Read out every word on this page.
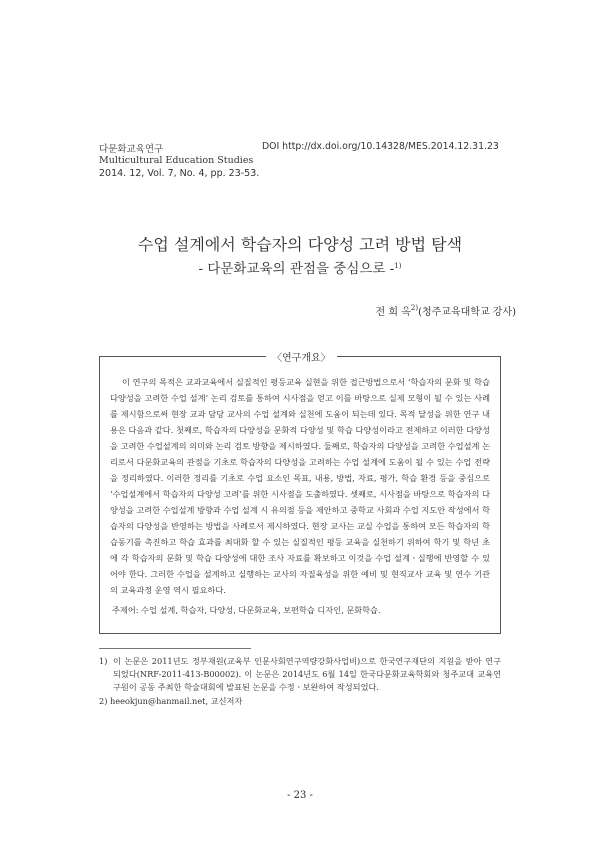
다문화교육연구
Multicultural Education Studies
2014. 12, Vol. 7, No. 4, pp. 23-53.
DOI http://dx.doi.org/10.14328/MES.2014.12.31.23
수업 설계에서 학습자의 다양성 고려 방법 탐색
- 다문화교육의 관점을 중심으로 -$^{1)}$
전 희 옥$^{2)}$(청주교육대학교 강사)
〈연구개요〉
이 연구의 목적은 교과교육에서 실질적인 평등교육 실현을 위한 접근방법으로서 ‘학습자의 문화 및 학습 다양성을 고려한 수업 설계’ 논리 검토를 통하여 시사점을 얻고 이를 바탕으로 실제 모형이 될 수 있는 사례를 제시함으로써 현장 교과 담당 교사의 수업 설계와 실천에 도움이 되는데 있다. 목적 달성을 위한 연구 내용은 다음과 같다. 첫째로, 학습자의 다양성을 문화적 다양성 및 학습 다양성이라고 전제하고 이러한 다양성을 고려한 수업설계의 의미와 논리 검토 방향을 제시하였다. 둘째로, 학습자의 다양성을 고려한 수업설계 논리로서 다문화교육의 관점을 기초로 학습자의 다양성을 고려하는 수업 설계에 도움이 될 수 있는 수업 전략을 정리하였다. 이러한 정리를 기초로 수업 요소인 목표, 내용, 방법, 자료, 평가, 학습 환경 등을 중심으로 ‘수업설계에서 학습자의 다양성 고려’를 위한 시사점을 도출하였다. 셋째로, 시사점을 바탕으로 학습자의 다양성을 고려한 수업설계 방향과 수업 설계 시 유의점 등을 제안하고 중학교 사회과 수업 지도안 작성에서 학습자의 다양성을 반영하는 방법을 사례로서 제시하였다. 현장 교사는 교실 수업을 통하여 모든 학습자의 학습동기를 촉진하고 학습 효과를 최대화 할 수 있는 실질적인 평등 교육을 실천하기 위하여 학기 및 학년 초에 각 학습자의 문화 및 학습 다양성에 대한 조사 자료를 확보하고 이것을 수업 설계ㆍ실행에 반영할 수 있어야 한다. 그러한 수업을 설계하고 실행하는 교사의 자질육성을 위한 예비 및 현직교사 교육 및 연수 기관의 교육과정 운영 역시 필요하다.
주제어: 수업 설계, 학습자, 다양성, 다문화교육, 보편학습 디자인, 문화학습.
1) 이 논문은 2011년도 정부재원(교육부 인문사회연구역량강화사업비)으로 한국연구재단의 지원을 받아 연구되었다(NRF-2011-413-B00002). 이 논문은 2014년도 6월 14일 한국다문화교육학회와 청주교대 교육연구원이 공동 주최한 학술대회에 발표된 논문을 수정ㆍ보완하여 작성되었다.
2) heeokjun@hanmail.net, 교신저자
- 23 -
